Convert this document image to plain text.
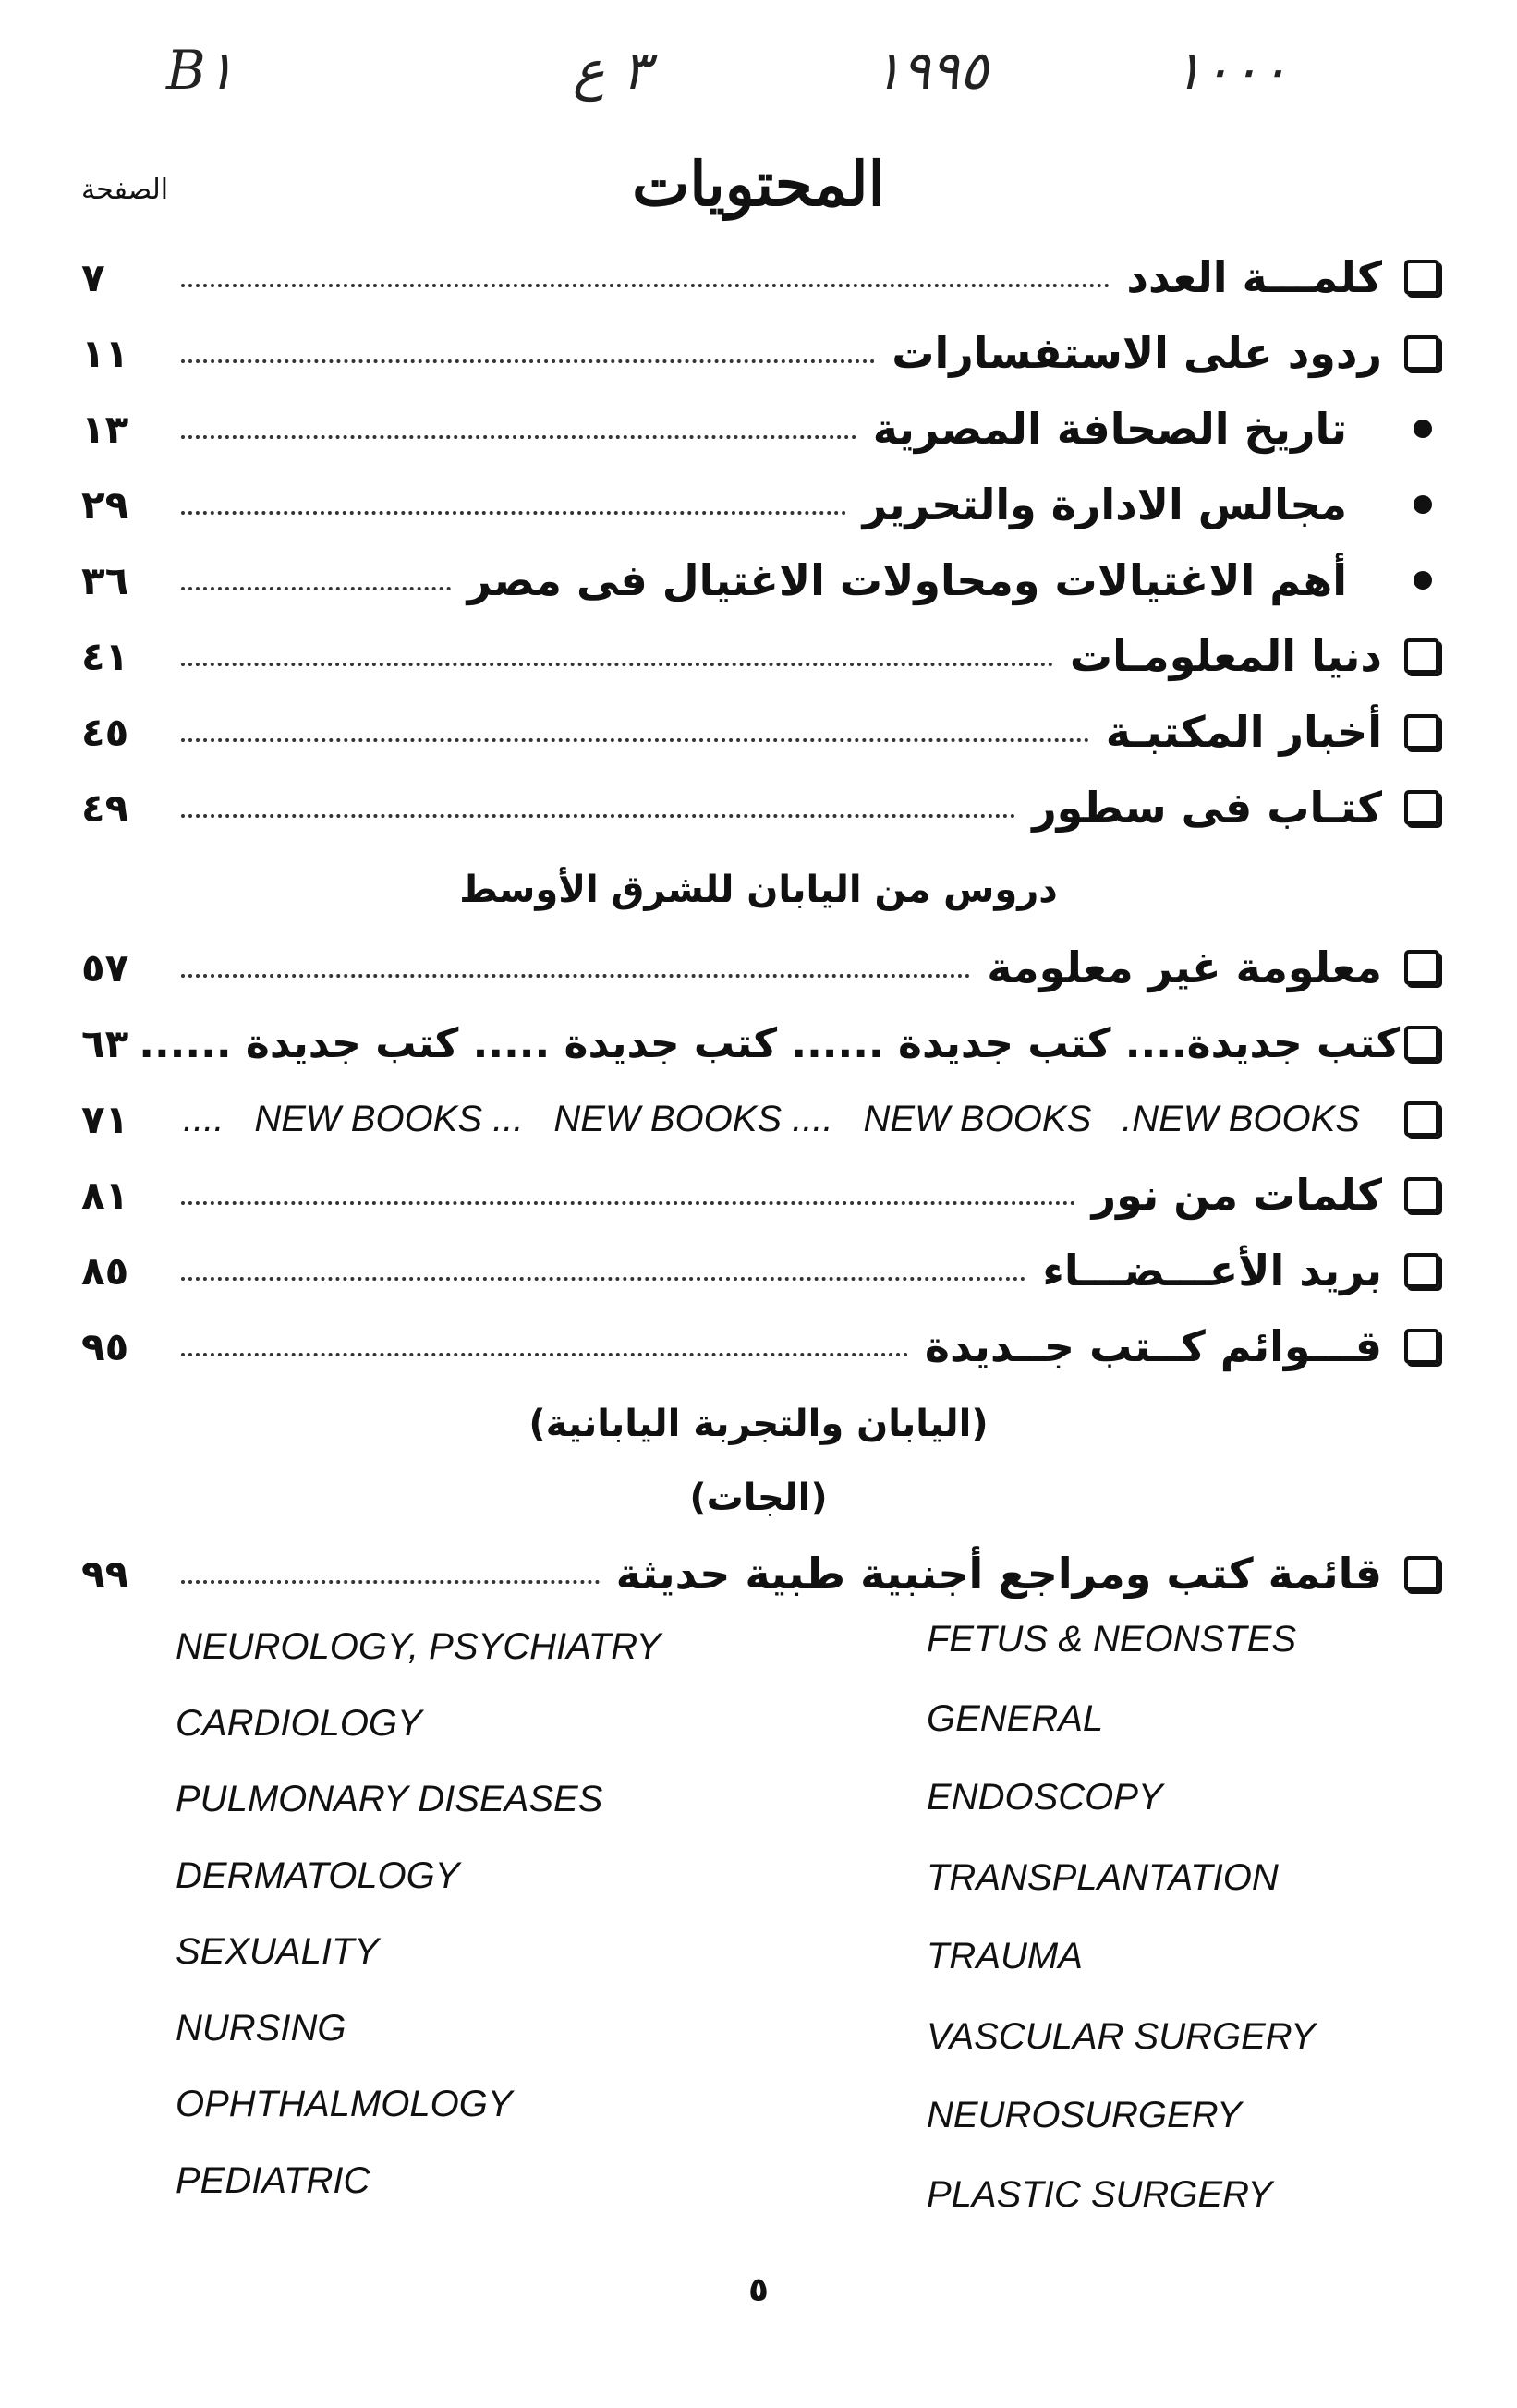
B١	٣ ع	١٩٩٥	١٠٠٠
الصفحة	المحتويات
٧	كلمـــة العدد
١١	ردود على الاستفسارات
١٣	تاريخ الصحافة المصرية
٢٩	مجالس الادارة والتحرير
٣٦	أهم الاغتيالات ومحاولات الاغتيال فى مصر
٤١	دنيا المعلومـات
٤٥	أخبار المكتبـة
٤٩	كتـاب فى سطور
دروس من اليابان للشرق الأوسط
٥٧	معلومة غير معلومة
٦٣ كتب جديدة.... كتب جديدة ...... كتب جديدة ..... كتب جديدة ......
٧١	.... NEW BOOKS ... NEW BOOKS .... NEW BOOKS .NEW BOOKS
٨١	كلمات من نور
٨٥	بريد الأعـــضـــاء
٩٥	قـــوائم كــتب جــديدة
(اليابان والتجربة اليابانية)
(الجات)
٩٩	قائمة كتب ومراجع أجنبية طبية حديثة
NEUROLOGY, PSYCHIATRY
CARDIOLOGY
PULMONARY DISEASES
DERMATOLOGY
SEXUALITY
NURSING
OPHTHALMOLOGY
PEDIATRIC
FETUS & NEONSTES
GENERAL
ENDOSCOPY
TRANSPLANTATION
TRAUMA
VASCULAR SURGERY
NEUROSURGERY
PLASTIC SURGERY
٥
